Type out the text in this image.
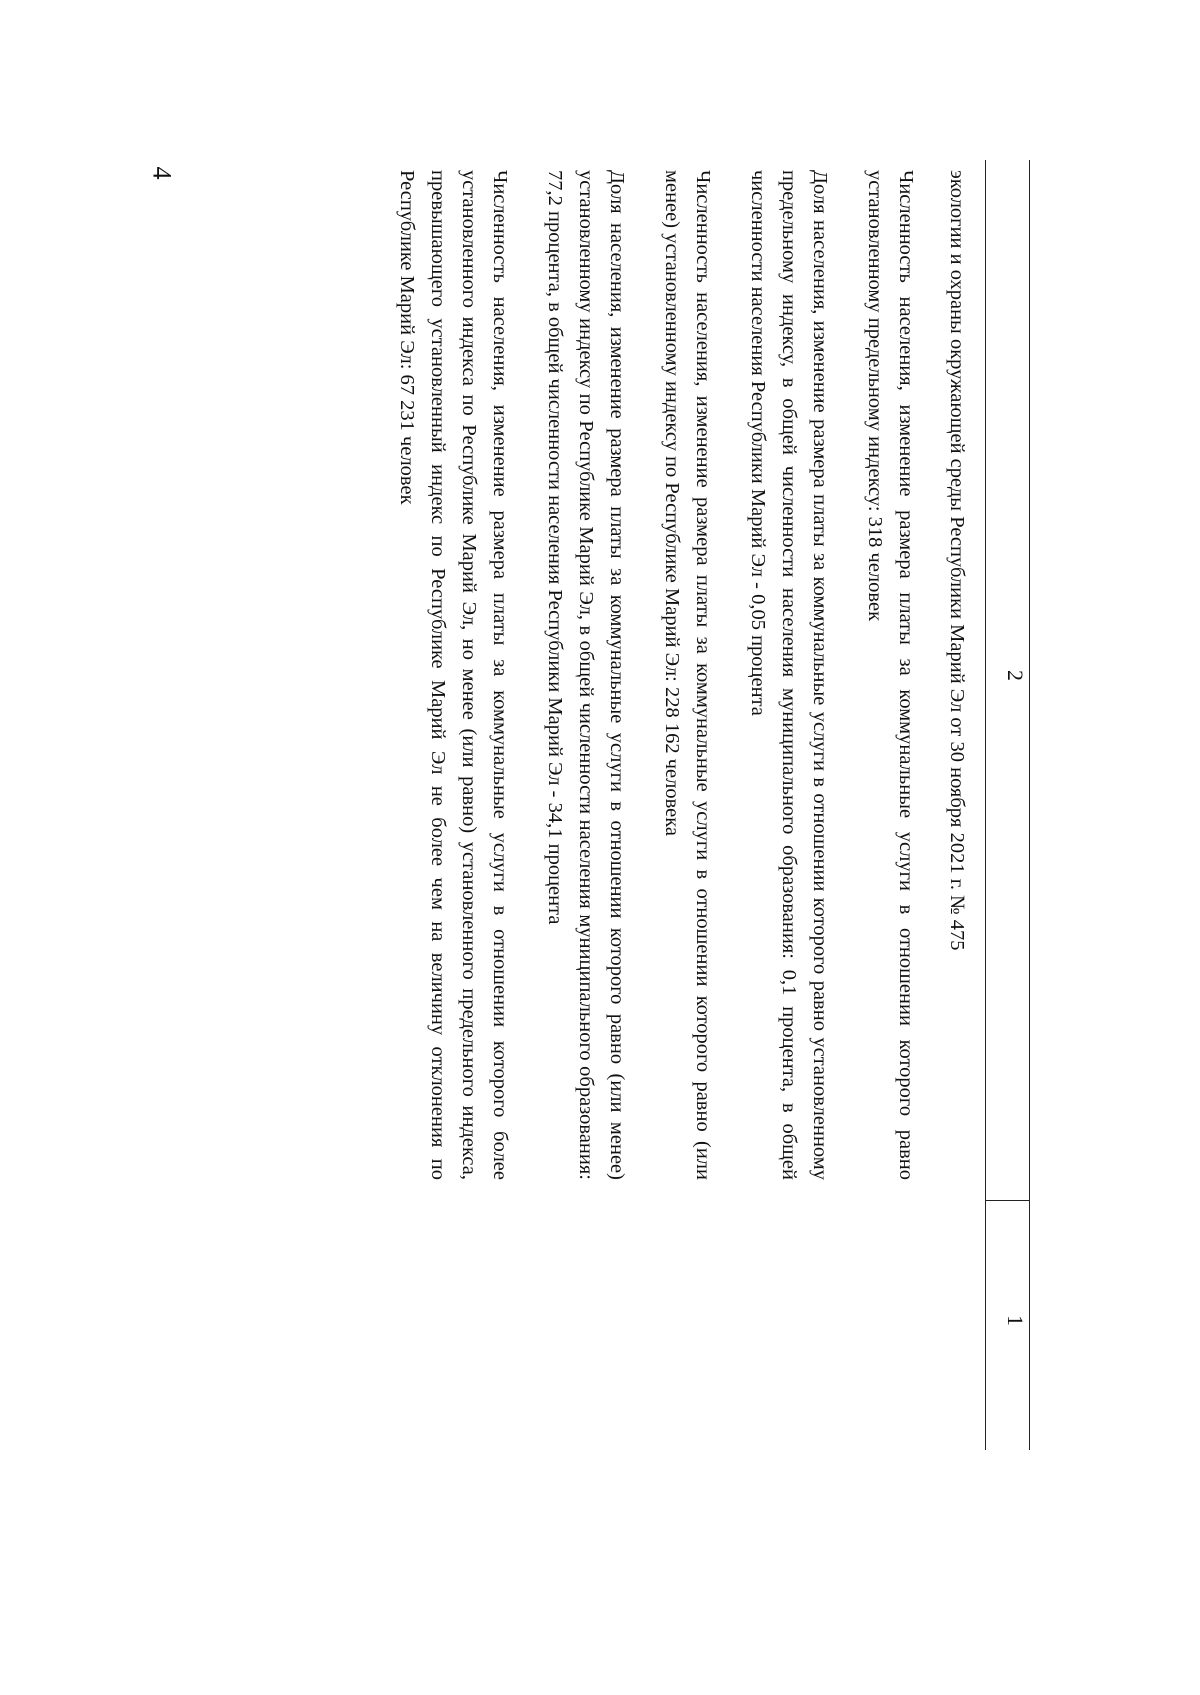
4
1
2

экологии и охраны окружающей среды Республики Марий Эл от 30 ноября 2021 г. № 475

Численность населения, изменение размера платы за коммунальные услуги в отношении которого равно установленному предельному индексу: 318 человек

Доля населения, изменение размера платы за коммунальные услуги в отношении которого равно установленному предельному индексу, в общей численности населения муниципального образования: 0,1 процента, в общей численности населения Республики Марий Эл - 0,05 процента

Численность населения, изменение размера платы за коммунальные услуги в отношении которого равно (или менее) установленному индексу по Республике Марий Эл: 228 162 человека

Доля населения, изменение размера платы за коммунальные услуги в отношении которого равно (или менее) установленному индексу по Республике Марий Эл, в общей численности населения муниципального образования: 77,2 процента, в общей численности населения Республики Марий Эл - 34,1 процента

Численность населения, изменение размера платы за коммунальные услуги в отношении которого более установленного индекса по Республике Марий Эл, но менее (или равно) установленного предельного индекса, превышающего установленный индекс по Республике Марий Эл не более чем на величину отклонения по Республике Марий Эл: 67 231 человек
